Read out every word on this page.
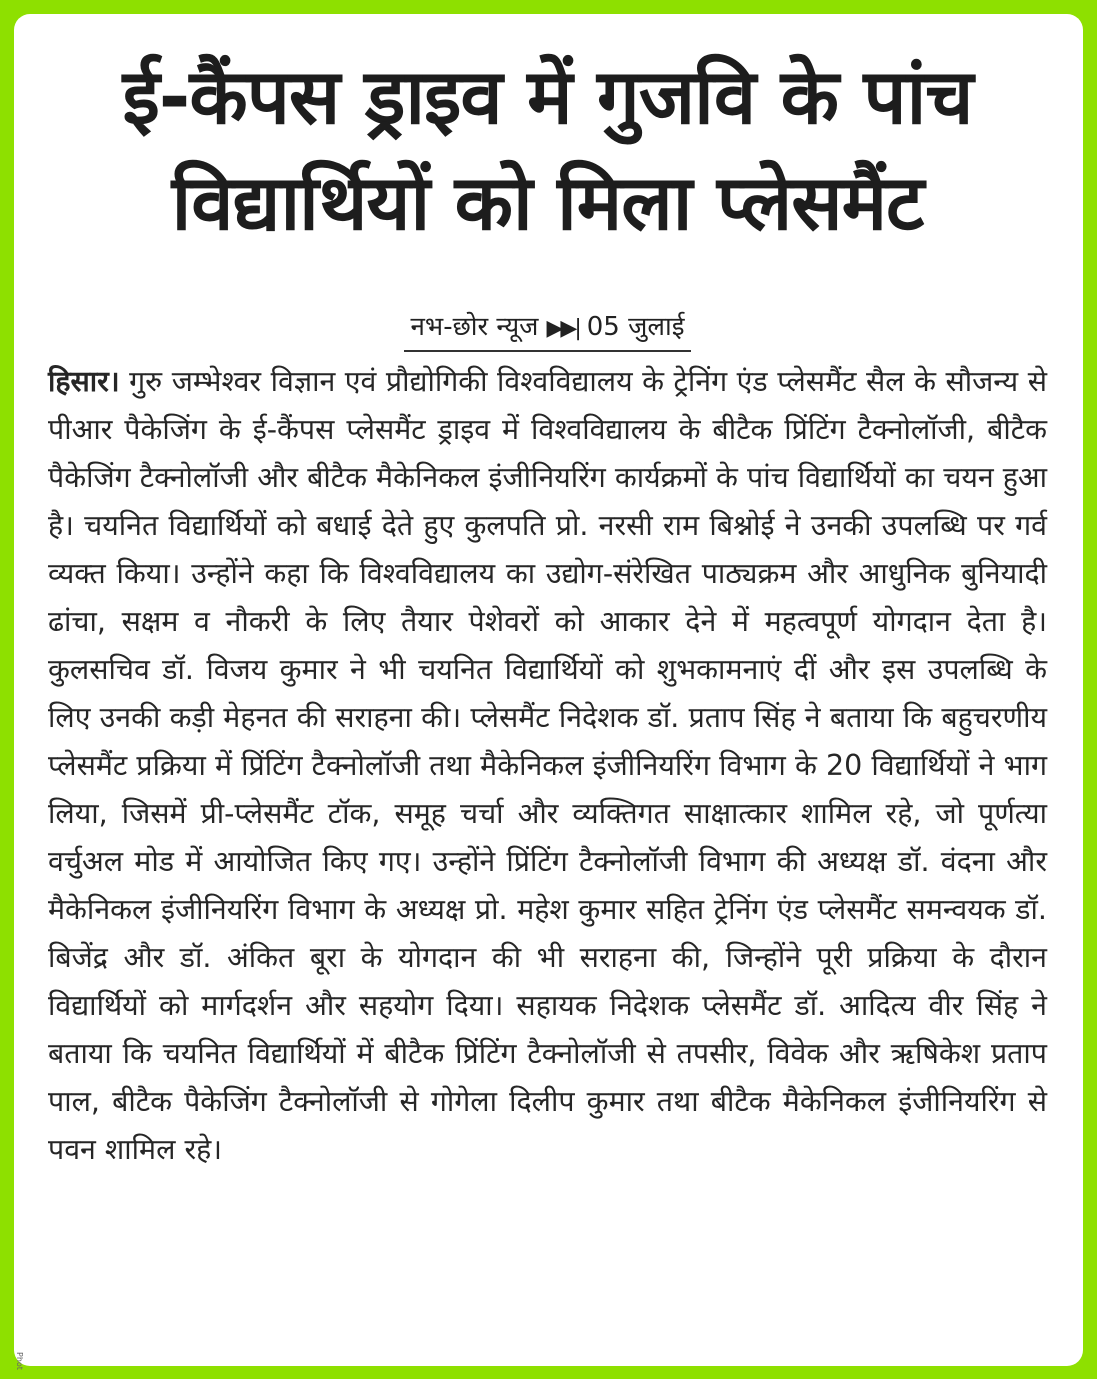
ई-कैंपस ड्राइव में गुजवि के पांच
विद्यार्थियों को मिला प्लेसमैंट
नभ-छोर न्यूज ▶▶| 05 जुलाई
हिसार। गुरु जम्भेश्वर विज्ञान एवं प्रौद्योगिकी विश्वविद्यालय के ट्रेनिंग एंड प्लेसमैंट सैल के सौजन्य से पीआर पैकेजिंग के ई-कैंपस प्लेसमैंट ड्राइव में विश्वविद्यालय के बीटैक प्रिंटिंग टैक्नोलॉजी, बीटैक पैकेजिंग टैक्नोलॉजी और बीटैक मैकेनिकल इंजीनियरिंग कार्यक्रमों के पांच विद्यार्थियों का चयन हुआ है। चयनित विद्यार्थियों को बधाई देते हुए कुलपति प्रो. नरसी राम बिश्नोई ने उनकी उपलब्धि पर गर्व व्यक्त किया। उन्होंने कहा कि विश्वविद्यालय का उद्योग-संरेखित पाठ्यक्रम और आधुनिक बुनियादी ढांचा, सक्षम व नौकरी के लिए तैयार पेशेवरों को आकार देने में महत्वपूर्ण योगदान देता है। कुलसचिव डॉ. विजय कुमार ने भी चयनित विद्यार्थियों को शुभकामनाएं दीं और इस उपलब्धि के लिए उनकी कड़ी मेहनत की सराहना की। प्लेसमैंट निदेशक डॉ. प्रताप सिंह ने बताया कि बहुचरणीय प्लेसमैंट प्रक्रिया में प्रिंटिंग टैक्नोलॉजी तथा मैकेनिकल इंजीनियरिंग विभाग के 20 विद्यार्थियों ने भाग लिया, जिसमें प्री-प्लेसमैंट टॉक, समूह चर्चा और व्यक्तिगत साक्षात्कार शामिल रहे, जो पूर्णत्या वर्चुअल मोड में आयोजित किए गए। उन्होंने प्रिंटिंग टैक्नोलॉजी विभाग की अध्यक्ष डॉ. वंदना और मैकेनिकल इंजीनियरिंग विभाग के अध्यक्ष प्रो. महेश कुमार सहित ट्रेनिंग एंड प्लेसमैंट समन्वयक डॉ. बिजेंद्र और डॉ. अंकित बूरा के योगदान की भी सराहना की, जिन्होंने पूरी प्रक्रिया के दौरान विद्यार्थियों को मार्गदर्शन और सहयोग दिया। सहायक निदेशक प्लेसमैंट डॉ. आदित्य वीर सिंह ने बताया कि चयनित विद्यार्थियों में बीटैक प्रिंटिंग टैक्नोलॉजी से तपसीर, विवेक और ऋषिकेश प्रताप पाल, बीटैक पैकेजिंग टैक्नोलॉजी से गोगेला दिलीप कुमार तथा बीटैक मैकेनिकल इंजीनियरिंग से पवन शामिल रहे।
Phot
